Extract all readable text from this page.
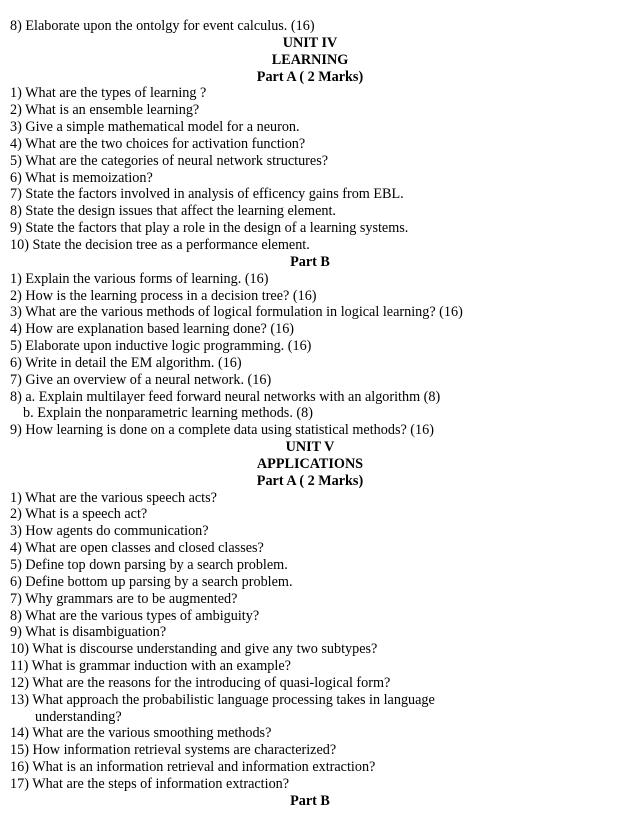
8) Elaborate upon the ontolgy for event calculus. (16)
UNIT IV
LEARNING
Part A ( 2 Marks)
1) What are the types of learning ?
2) What is an ensemble learning?
3) Give a simple mathematical model for a neuron.
4) What are the two choices for activation function?
5) What are the categories of neural network structures?
6) What is memoization?
7) State the factors involved in analysis of efficency gains from EBL.
8) State the design issues that affect the learning element.
9) State the factors that play a role in the design of a learning systems.
10) State the decision tree as a performance element.
Part B
1) Explain the various forms of learning. (16)
2) How is the learning process in a decision tree? (16)
3) What are the various methods of logical formulation in logical learning? (16)
4) How are explanation based learning done? (16)
5) Elaborate upon inductive logic programming. (16)
6) Write in detail the EM algorithm. (16)
7) Give an overview of a neural network. (16)
8) a. Explain multilayer feed forward neural networks with an algorithm (8)
b. Explain the nonparametric learning methods. (8)
9) How learning is done on a complete data using statistical methods? (16)
UNIT V
APPLICATIONS
Part A ( 2 Marks)
1) What are the various speech acts?
2) What is a speech act?
3) How agents do communication?
4) What are open classes and closed classes?
5) Define top down parsing by a search problem.
6) Define bottom up parsing by a search problem.
7) Why grammars are to be augmented?
8) What are the various types of ambiguity?
9) What is disambiguation?
10) What is discourse understanding and give any two subtypes?
11) What is grammar induction with an example?
12) What are the reasons for the introducing of quasi-logical form?
13) What approach the probabilistic language processing takes in language
understanding?
14) What are the various smoothing methods?
15) How information retrieval systems are characterized?
16) What is an information retrieval and information extraction?
17) What are the steps of information extraction?
Part B
